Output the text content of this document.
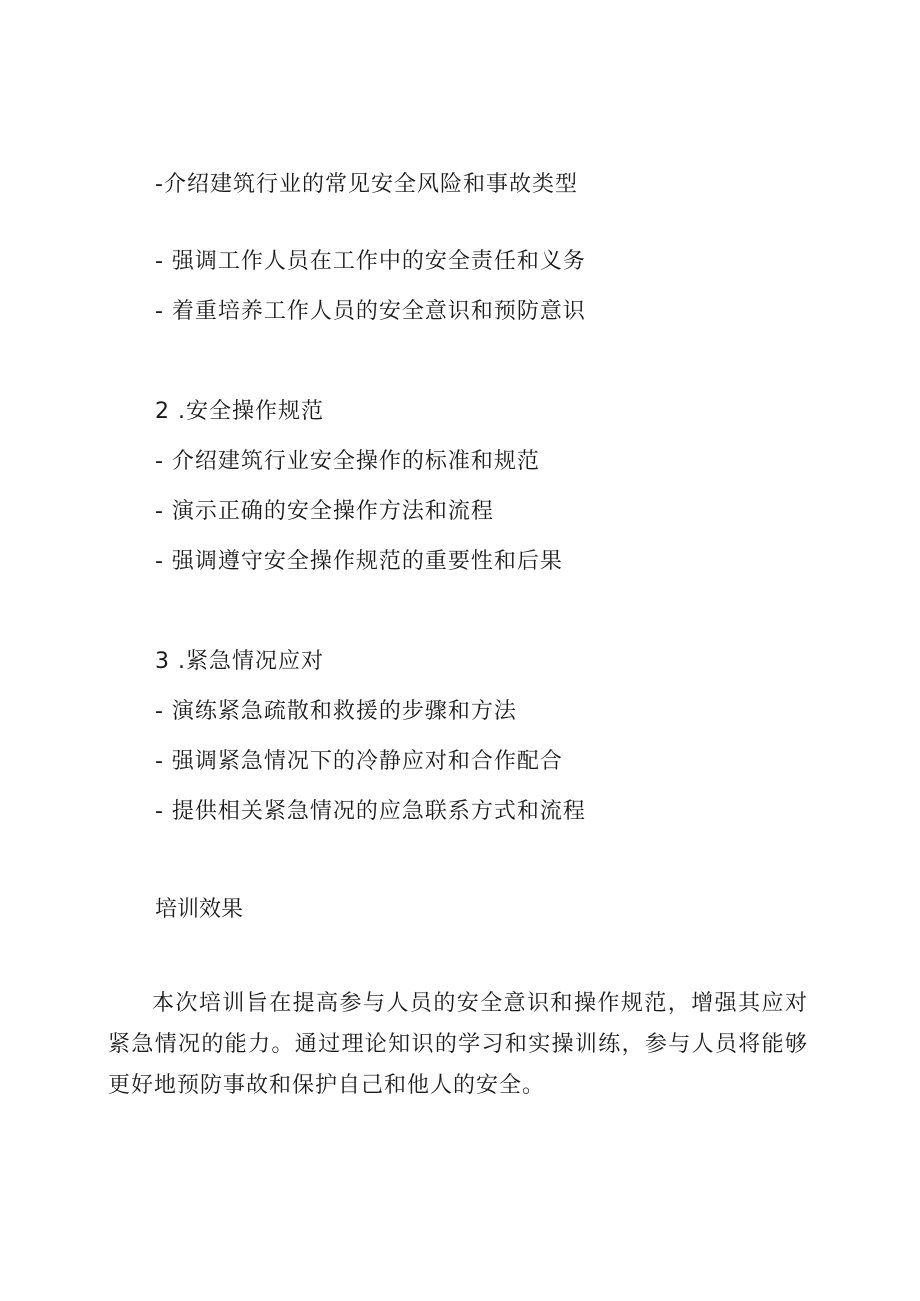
-介绍建筑行业的常见安全风险和事故类型
- 强调工作人员在工作中的安全责任和义务
- 着重培养工作人员的安全意识和预防意识
2 .安全操作规范
- 介绍建筑行业安全操作的标准和规范
- 演示正确的安全操作方法和流程
- 强调遵守安全操作规范的重要性和后果
3 .紧急情况应对
- 演练紧急疏散和救援的步骤和方法
- 强调紧急情况下的冷静应对和合作配合
- 提供相关紧急情况的应急联系方式和流程
培训效果

本次培训旨在提高参与人员的安全意识和操作规范，增强其应对紧急情况的能力。通过理论知识的学习和实操训练，参与人员将能够更好地预防事故和保护自己和他人的安全。
